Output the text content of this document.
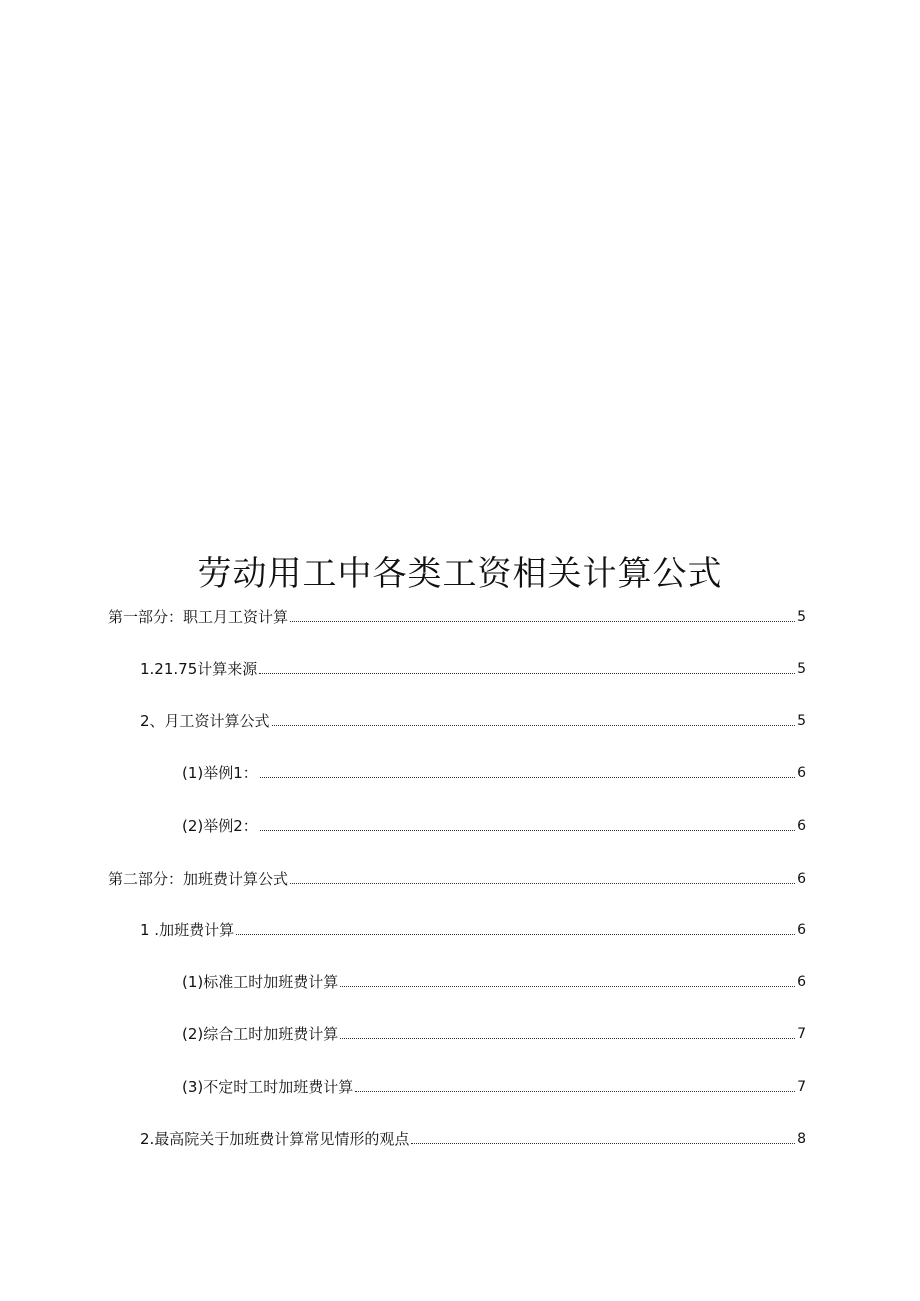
劳动用工中各类工资相关计算公式
第一部分：职工月工资计算	5
1.21.75计算来源	5
2、月工资计算公式	5
(1)举例1：	6
(2)举例2：	6
第二部分：加班费计算公式	6
1 .加班费计算	6
(1)标准工时加班费计算	6
(2)综合工时加班费计算	7
(3)不定时工时加班费计算	7
2.最高院关于加班费计算常见情形的观点	8
